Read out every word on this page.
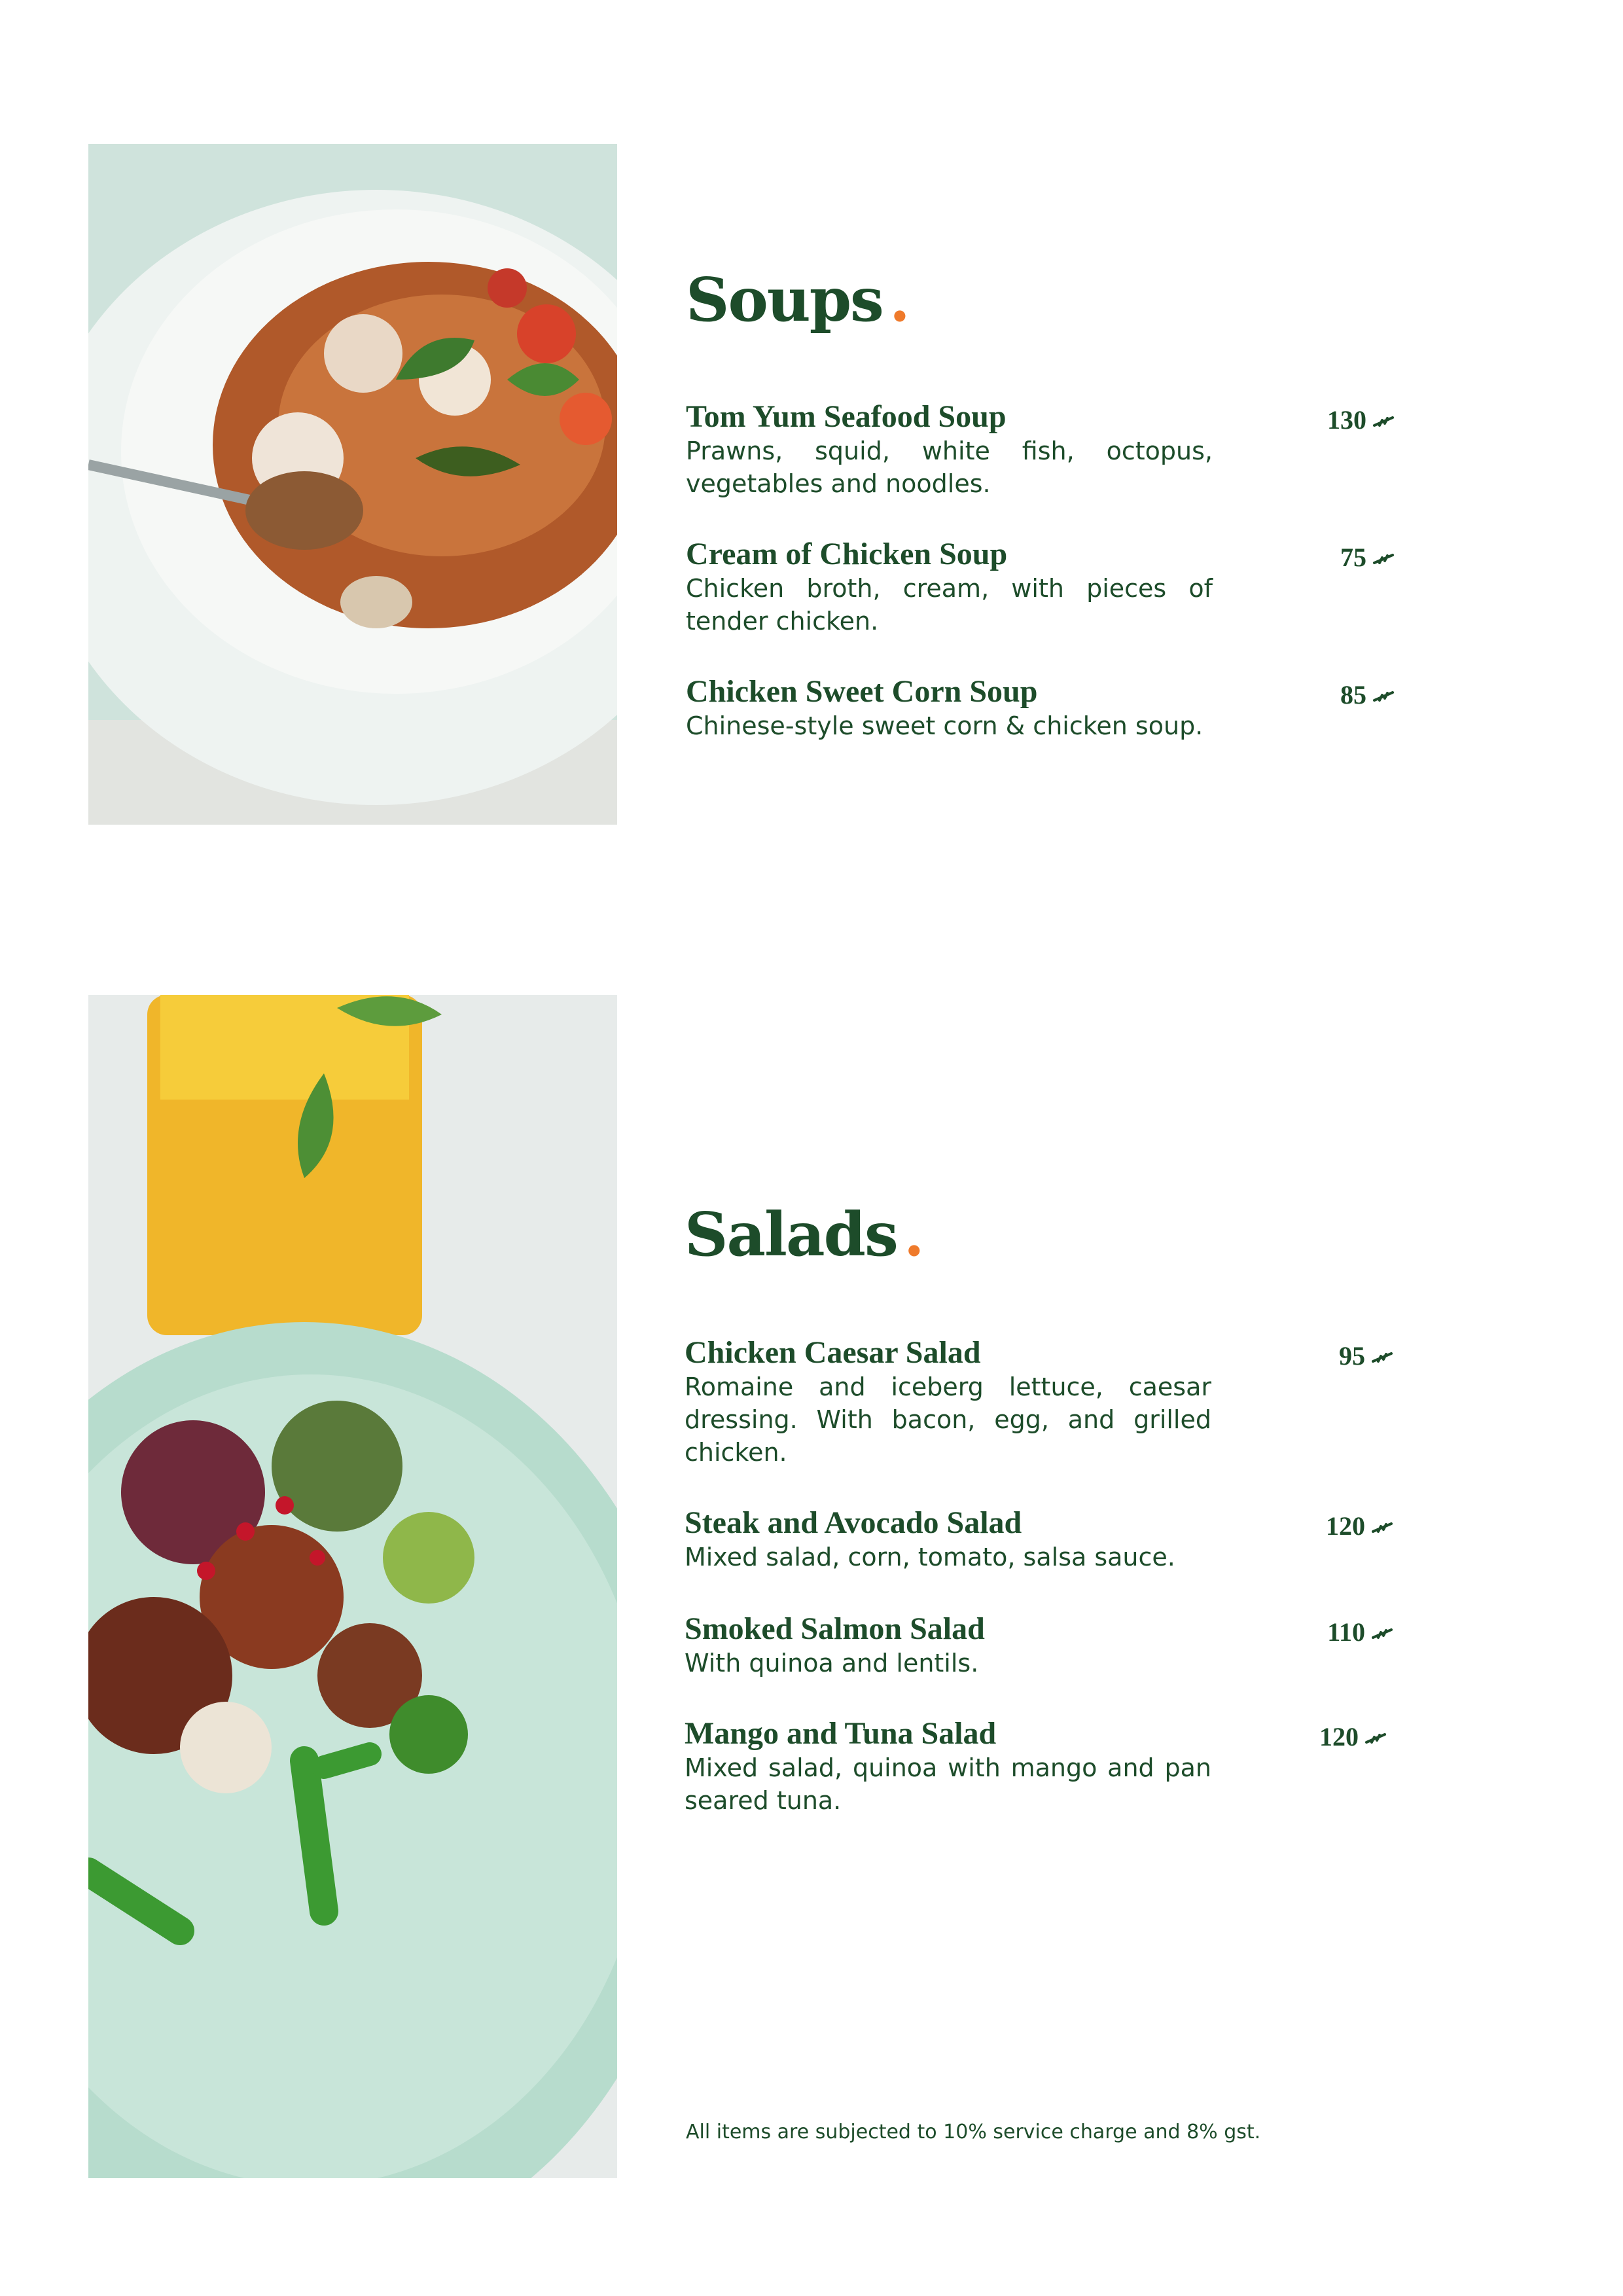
Soups .
Tom Yum Seafood Soup
Prawns, squid, white fish, octopus, vegetables and noodles.
130
Cream of Chicken Soup
Chicken broth, cream, with pieces of tender chicken.
75
Chicken Sweet Corn Soup
Chinese-style sweet corn & chicken soup.
85
Salads .
Chicken Caesar Salad
Romaine and iceberg lettuce, caesar dressing. With bacon, egg, and grilled chicken.
95
Steak and Avocado Salad
Mixed salad, corn, tomato, salsa sauce.
120
Smoked Salmon Salad
With quinoa and lentils.
110
Mango and Tuna Salad
Mixed salad, quinoa with mango and pan seared tuna.
120
All items are subjected to 10% service charge and 8% gst.
